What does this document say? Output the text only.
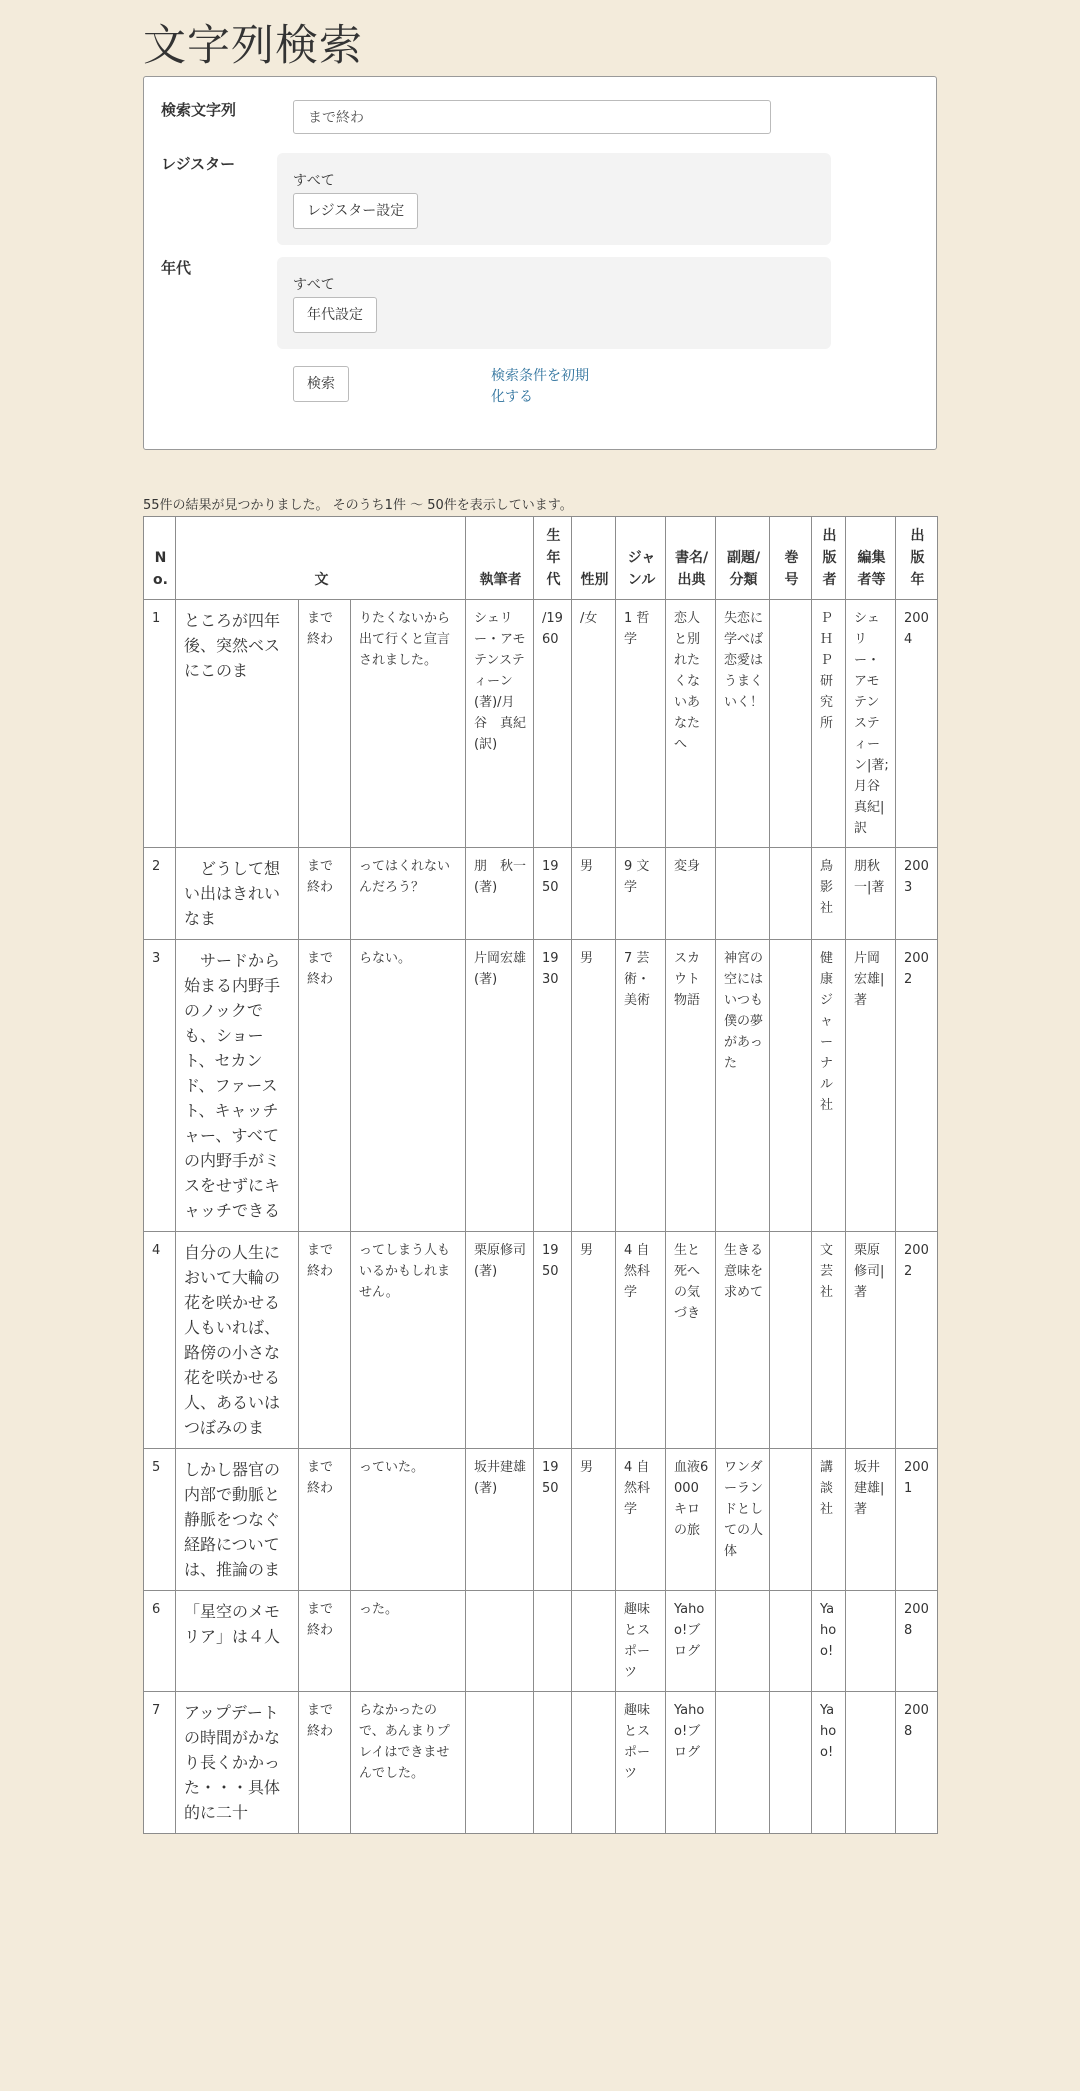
文字列検索
検索文字列
まで終わ
レジスター
すべて
レジスター設定
年代
すべて
年代設定
検索	検索条件を初期化する
55件の結果が見つかりました。 そのうち1件 〜 50件を表示しています。
No.	文			執筆者	生年代	性別	ジャンル	書名/出典	副題/分類	巻号	出版者	編集者等	出版年
1	ところが四年後、突然ベスにこのま	まで終わ	りたくないから出て行くと宣言されました。	シェリー・アモテンスティーン(著)/月谷　真紀(訳)	/1960	/女	1 哲学	恋人と別れたくないあなたへ	失恋に学べば恋愛はうまくいく！		ＰＨＰ研究所	シェリー・アモテンスティーン|著;月谷真紀|訳	2004
2	　どうして想い出はきれいなま	まで終わ	ってはくれないんだろう？	朋　秋一(著)	1950	男	9 文学	変身			鳥影社	朋秋一|著	2003
3	　サードから始まる内野手のノックでも、ショート、セカンド、ファースト、キャッチャー、すべての内野手がミスをせずにキャッチできる	まで終わ	らない。	片岡宏雄(著)	1930	男	7 芸術・美術	スカウト物語	神宮の空にはいつも僕の夢があった		健康ジャーナル社	片岡宏雄|著	2002
4	自分の人生において大輪の花を咲かせる人もいれば、路傍の小さな花を咲かせる人、あるいはつぼみのま	まで終わ	ってしまう人もいるかもしれません。	栗原修司(著)	1950	男	4 自然科学	生と死への気づき	生きる意味を求めて		文芸社	栗原修司|著	2002
5	しかし器官の内部で動脈と静脈をつなぐ経路については、推論のま	まで終わ	っていた。	坂井建雄(著)	1950	男	4 自然科学	血液6000キロの旅	ワンダーランドとしての人体		講談社	坂井建雄|著	2001
6	「星空のメモリア」は４人	まで終わ	った。				趣味とスポーツ	Yahoo!ブログ			Yahoo!		2008
7	アップデートの時間がかなり長くかかった・・・具体的に二十	まで終わ	らなかったので、あんまりプレイはできませんでした。				趣味とスポーツ	Yahoo!ブログ			Yahoo!		2008
